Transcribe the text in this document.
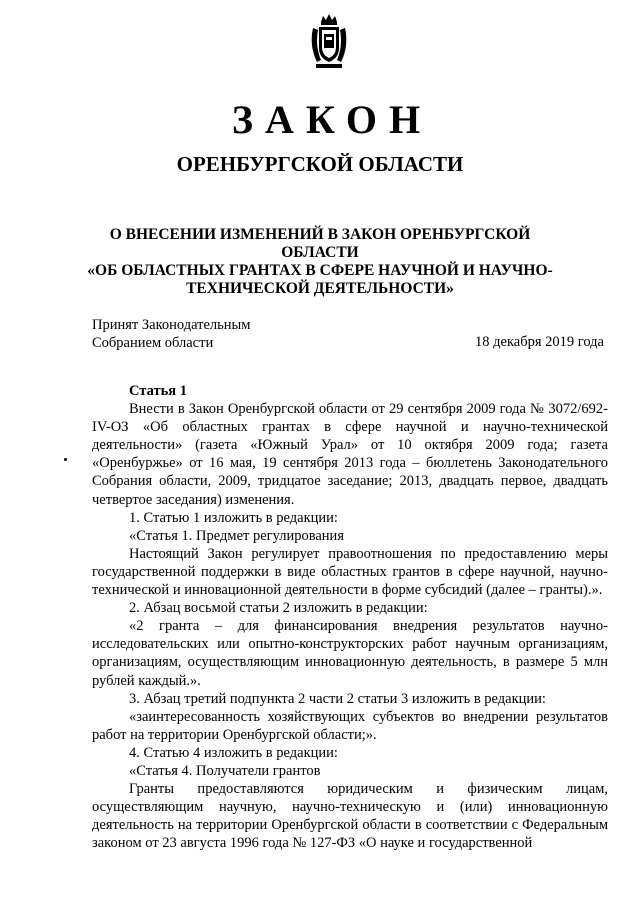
ЗАКОН
ОРЕНБУРГСКОЙ ОБЛАСТИ
О ВНЕСЕНИИ ИЗМЕНЕНИЙ В ЗАКОН ОРЕНБУРГСКОЙ ОБЛАСТИ
«ОБ ОБЛАСТНЫХ ГРАНТАХ В СФЕРЕ НАУЧНОЙ И НАУЧНО-
ТЕХНИЧЕСКОЙ ДЕЯТЕЛЬНОСТИ»
Принят Законодательным
Собранием области	18 декабря 2019 года

Статья 1

Внести в Закон Оренбургской области от 29 сентября 2009 года № 3072/692-IV-ОЗ «Об областных грантах в сфере научной и научно-технической деятельности» (газета «Южный Урал» от 10 октября 2009 года; газета «Оренбуржье» от 16 мая, 19 сентября 2013 года – бюллетень Законодательного Собрания области, 2009, тридцатое заседание; 2013, двадцать первое, двадцать четвертое заседания) изменения.

1. Статью 1 изложить в редакции:

«Статья 1. Предмет регулирования

Настоящий Закон регулирует правоотношения по предоставлению меры государственной поддержки в виде областных грантов в сфере научной, научно-технической и инновационной деятельности в форме субсидий (далее – гранты).».

2. Абзац восьмой статьи 2 изложить в редакции:

«2 гранта – для финансирования внедрения результатов научно-исследовательских или опытно-конструкторских работ научным организациям, организациям, осуществляющим инновационную деятельность, в размере 5 млн рублей каждый.».

3. Абзац третий подпункта 2 части 2 статьи 3 изложить в редакции:

«заинтересованность хозяйствующих субъектов во внедрении результатов работ на территории Оренбургской области;».

4. Статью 4 изложить в редакции:

«Статья 4. Получатели грантов

Гранты предоставляются юридическим и физическим лицам, осуществляющим научную, научно-техническую и (или) инновационную деятельность на территории Оренбургской области в соответствии с Федеральным законом от 23 августа 1996 года № 127-ФЗ «О науке и государственной
